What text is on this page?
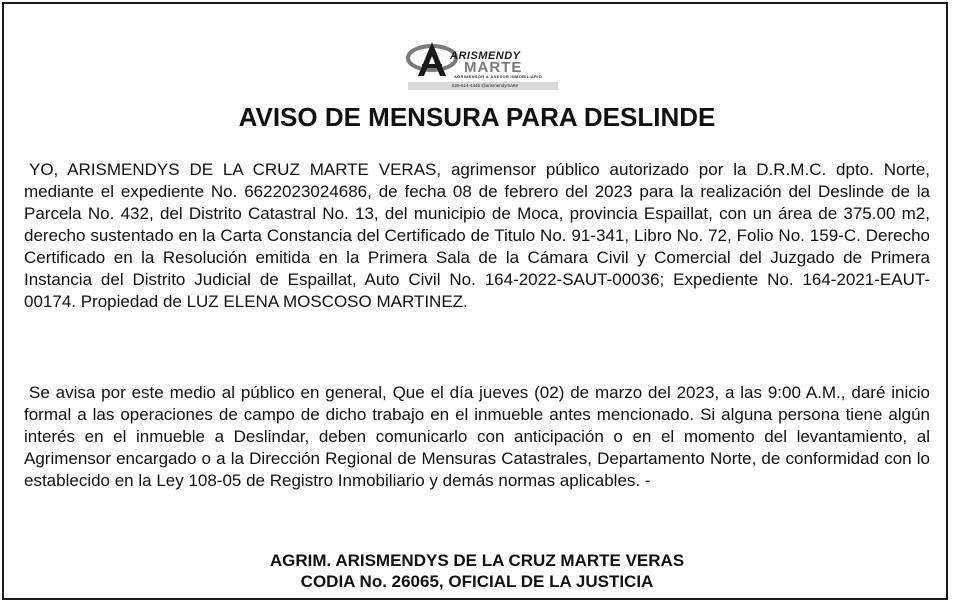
ARISMENDY
MARTE
AGRIMENSOR & ASESOR INMOBILIARIO
829-614-4445 @arismendymarte
AVISO DE MENSURA PARA DESLINDE

YO, ARISMENDYS DE LA CRUZ MARTE VERAS, agrimensor público autorizado por la D.R.M.C. dpto. Norte, mediante el expediente No. 6622023024686, de fecha 08 de febrero del 2023 para la realización del Deslinde de la Parcela No. 432, del Distrito Catastral No. 13, del municipio de Moca, provincia Espaillat, con un área de 375.00 m2, derecho sustentado en la Carta Constancia del Certificado de Titulo No. 91-341, Libro No. 72, Folio No. 159-C. Derecho Certificado en la Resolución emitida en la Primera Sala de la Cámara Civil y Comercial del Juzgado de Primera Instancia del Distrito Judicial de Espaillat, Auto Civil No. 164-2022-SAUT-00036; Expediente No. 164-2021-EAUT-00174. Propiedad de LUZ ELENA MOSCOSO MARTINEZ.

Se avisa por este medio al público en general, Que el día jueves (02) de marzo del 2023, a las 9:00 A.M., daré inicio formal a las operaciones de campo de dicho trabajo en el inmueble antes mencionado. Si alguna persona tiene algún interés en el inmueble a Deslindar, deben comunicarlo con anticipación o en el momento del levantamiento, al Agrimensor encargado o a la Dirección Regional de Mensuras Catastrales, Departamento Norte, de conformidad con lo establecido en la Ley 108-05 de Registro Inmobiliario y demás normas aplicables. -

AGRIM. ARISMENDYS DE LA CRUZ MARTE VERAS
CODIA No. 26065, OFICIAL DE LA JUSTICIA
